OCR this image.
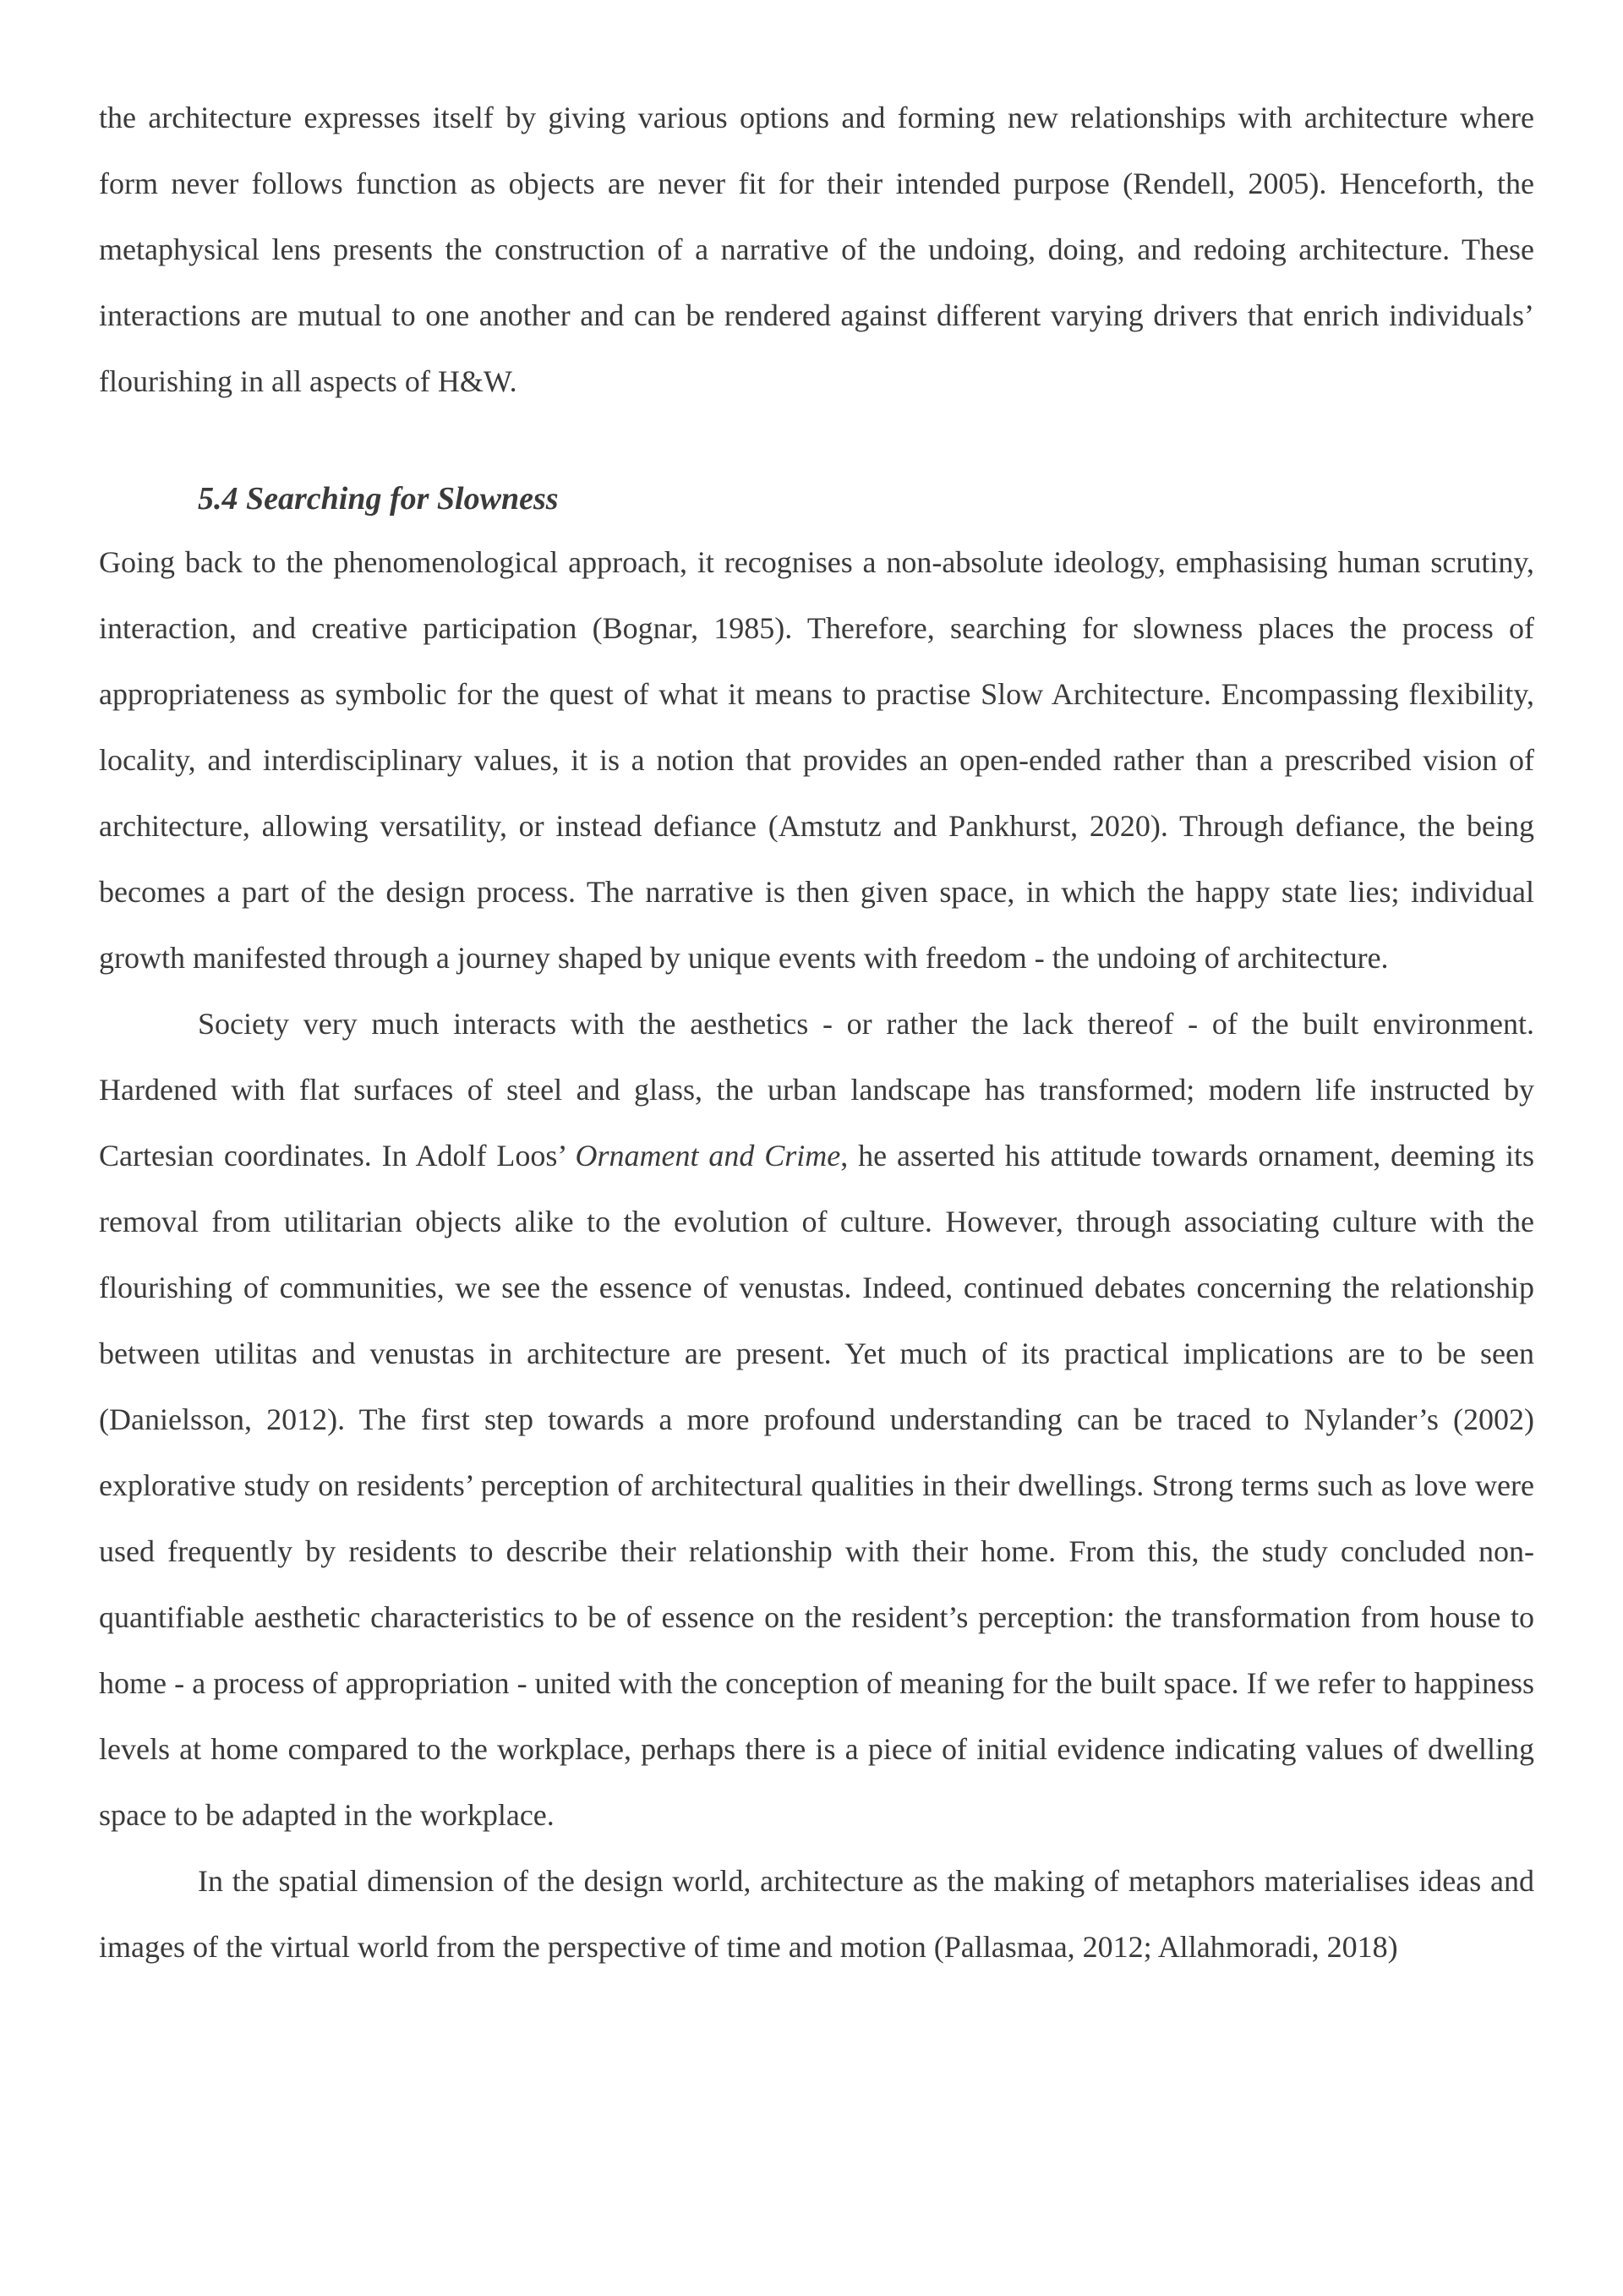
the architecture expresses itself by giving various options and forming new relationships with architecture where form never follows function as objects are never fit for their intended purpose (Rendell, 2005). Henceforth, the metaphysical lens presents the construction of a narrative of the undoing, doing, and redoing architecture. These interactions are mutual to one another and can be rendered against different varying drivers that enrich individuals’ flourishing in all aspects of H&W.

5.4 Searching for Slowness

Going back to the phenomenological approach, it recognises a non-absolute ideology, emphasising human scrutiny, interaction, and creative participation (Bognar, 1985). Therefore, searching for slowness places the process of appropriateness as symbolic for the quest of what it means to practise Slow Architecture. Encompassing flexibility, locality, and interdisciplinary values, it is a notion that provides an open-ended rather than a prescribed vision of architecture, allowing versatility, or instead defiance (Amstutz and Pankhurst, 2020). Through defiance, the being becomes a part of the design process. The narrative is then given space, in which the happy state lies; individual growth manifested through a journey shaped by unique events with freedom - the undoing of architecture.

Society very much interacts with the aesthetics - or rather the lack thereof - of the built environment. Hardened with flat surfaces of steel and glass, the urban landscape has transformed; modern life instructed by Cartesian coordinates. In Adolf Loos’ Ornament and Crime, he asserted his attitude towards ornament, deeming its removal from utilitarian objects alike to the evolution of culture. However, through associating culture with the flourishing of communities, we see the essence of venustas. Indeed, continued debates concerning the relationship between utilitas and venustas in architecture are present. Yet much of its practical implications are to be seen (Danielsson, 2012). The first step towards a more profound understanding can be traced to Nylander’s (2002) explorative study on residents’ perception of architectural qualities in their dwellings. Strong terms such as love were used frequently by residents to describe their relationship with their home. From this, the study concluded non-quantifiable aesthetic characteristics to be of essence on the resident’s perception: the transformation from house to home - a process of appropriation - united with the conception of meaning for the built space. If we refer to happiness levels at home compared to the workplace, perhaps there is a piece of initial evidence indicating values of dwelling space to be adapted in the workplace.

In the spatial dimension of the design world, architecture as the making of metaphors materialises ideas and images of the virtual world from the perspective of time and motion (Pallasmaa, 2012; Allahmoradi, 2018)
